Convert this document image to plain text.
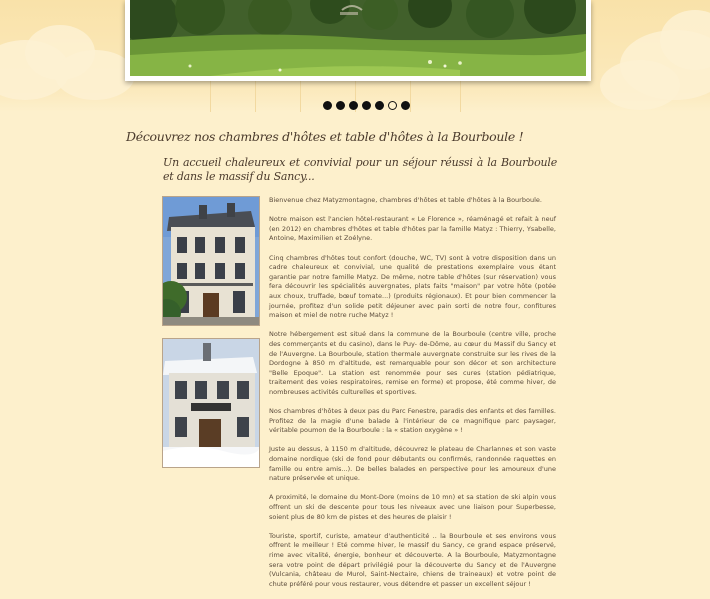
Découvrez nos chambres d'hôtes et table d'hôtes à la Bourboule !
Un accueil chaleureux et convivial pour un séjour réussi à la Bourboule et dans le massif du Sancy...

Bienvenue chez Matyzmontagne, chambres d'hôtes et table d'hôtes à la Bourboule.

Notre maison est l'ancien hôtel-restaurant « Le Florence », réaménagé et refait à neuf (en 2012) en chambres d'hôtes et table d'hôtes par la famille Matyz : Thierry, Ysabelle, Antoine, Maximilien et Zoélyne.

Cinq chambres d'hôtes tout confort (douche, WC, TV) sont à votre disposition dans un cadre chaleureux et convivial, une qualité de prestations exemplaire vous étant garantie par notre famille Matyz. De même, notre table d'hôtes (sur réservation) vous fera découvrir les spécialités auvergnates, plats faits "maison" par votre hôte (potée aux choux, truffade, bœuf tomate...) (produits régionaux). Et pour bien commencer la journée, profitez d'un solide petit déjeuner avec pain sorti de notre four, confitures maison et miel de notre ruche Matyz !

Notre hébergement est situé dans la commune de la Bourboule (centre ville, proche des commerçants et du casino), dans le Puy- de-Dôme, au cœur du Massif du Sancy et de l'Auvergne. La Bourboule, station thermale auvergnate construite sur les rives de la Dordogne à 850 m d'altitude, est remarquable pour son décor et son architecture "Belle Epoque". La station est renommée pour ses cures (station pédiatrique, traitement des voies respiratoires, remise en forme) et propose, été comme hiver, de nombreuses activités culturelles et sportives.

Nos chambres d'hôtes à deux pas du Parc Fenestre, paradis des enfants et des familles. Profitez de la magie d'une balade à l'intérieur de ce magnifique parc paysager, véritable poumon de la Bourboule : la « station oxygène » !

Juste au dessus, à 1150 m d'altitude, découvrez le plateau de Charlannes et son vaste domaine nordique (ski de fond pour débutants ou confirmés, randonnée raquettes en famille ou entre amis...). De belles balades en perspective pour les amoureux d'une nature préservée et unique.

A proximité, le domaine du Mont-Dore (moins de 10 mn) et sa station de ski alpin vous offrent un ski de descente pour tous les niveaux avec une liaison pour Superbesse, soient plus de 80 km de pistes et des heures de plaisir !

Touriste, sportif, curiste, amateur d'authenticité .. la Bourboule et ses environs vous offrent le meilleur ! Eté comme hiver, le massif du Sancy, ce grand espace préservé, rime avec vitalité, énergie, bonheur et découverte. A la Bourboule, Matyzmontagne sera votre point de départ privilégié pour la découverte du Sancy et de l'Auvergne (Vulcania, château de Murol, Saint-Nectaire, chiens de traineaux) et votre point de chute préféré pour vous restaurer, vous détendre et passer un excellent séjour !
